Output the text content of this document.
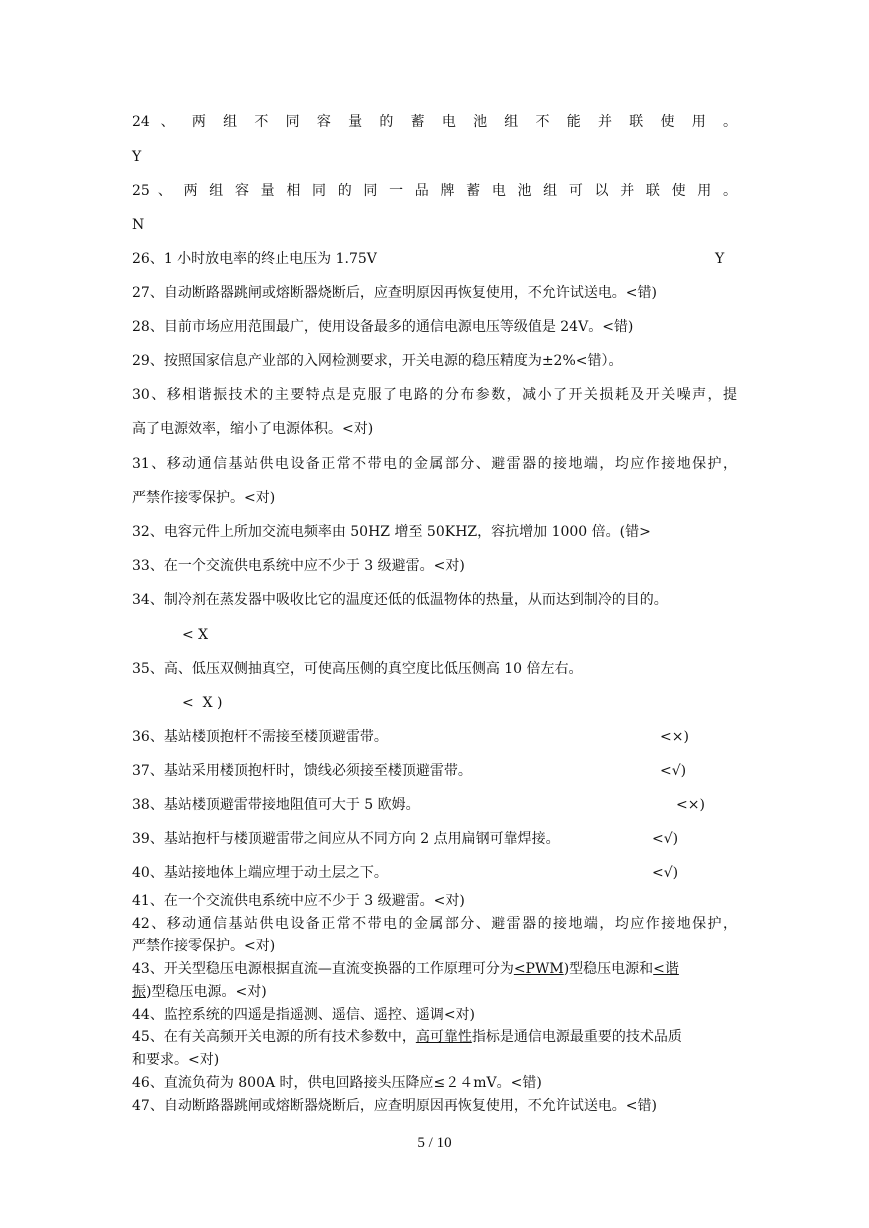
24 、 两 组 不 同 容 量 的 蓄 电 池 组 不 能 并 联 使 用 。
Y
25 、 两 组 容 量 相 同 的 同 一 品 牌 蓄 电 池 组 可 以 并 联 使 用 。
N
26、1 小时放电率的终止电压为 1.75V	Y
27、自动断路器跳闸或熔断器烧断后，应查明原因再恢复使用，不允许试送电。<错)
28、目前市场应用范围最广，使用设备最多的通信电源电压等级值是 24V。<错)
29、按照国家信息产业部的入网检测要求，开关电源的稳压精度为±2%<错）。
30、移相谐振技术的主要特点是克服了电路的分布参数，减小了开关损耗及开关噪声，提
高了电源效率，缩小了电源体积。<对)
31、移动通信基站供电设备正常不带电的金属部分、避雷器的接地端，均应作接地保护，
严禁作接零保护。<对)
32、电容元件上所加交流电频率由 50HZ 增至 50KHZ，容抗增加 1000 倍。(错>
33、在一个交流供电系统中应不少于 3 级避雷。<对)
34、制冷剂在蒸发器中吸收比它的温度还低的低温物体的热量，从而达到制冷的目的。
< X
35、高、低压双侧抽真空，可使高压侧的真空度比低压侧高 10 倍左右。
<  X )
36、基站楼顶抱杆不需接至楼顶避雷带。	<×)
37、基站采用楼顶抱杆时，馈线必须接至楼顶避雷带。	<√)
38、基站楼顶避雷带接地阻值可大于 5 欧姆。	<×)
39、基站抱杆与楼顶避雷带之间应从不同方向 2 点用扁钢可靠焊接。	<√)
40、基站接地体上端应埋于动土层之下。	<√)
41、在一个交流供电系统中应不少于 3 级避雷。<对)
42、移动通信基站供电设备正常不带电的金属部分、避雷器的接地端，均应作接地保护，
严禁作接零保护。<对)
43、开关型稳压电源根据直流—直流变换器的工作原理可分为<PWM)型稳压电源和<谐
振)型稳压电源。<对)
44、监控系统的四遥是指遥测、遥信、遥控、遥调<对)
45、在有关高频开关电源的所有技术参数中，高可靠性指标是通信电源最重要的技术品质
和要求。<对)
46、直流负荷为 800A 时，供电回路接头压降应≤２４mV。<错)
47、自动断路器跳闸或熔断器烧断后，应查明原因再恢复使用，不允许试送电。<错)
5 / 10
